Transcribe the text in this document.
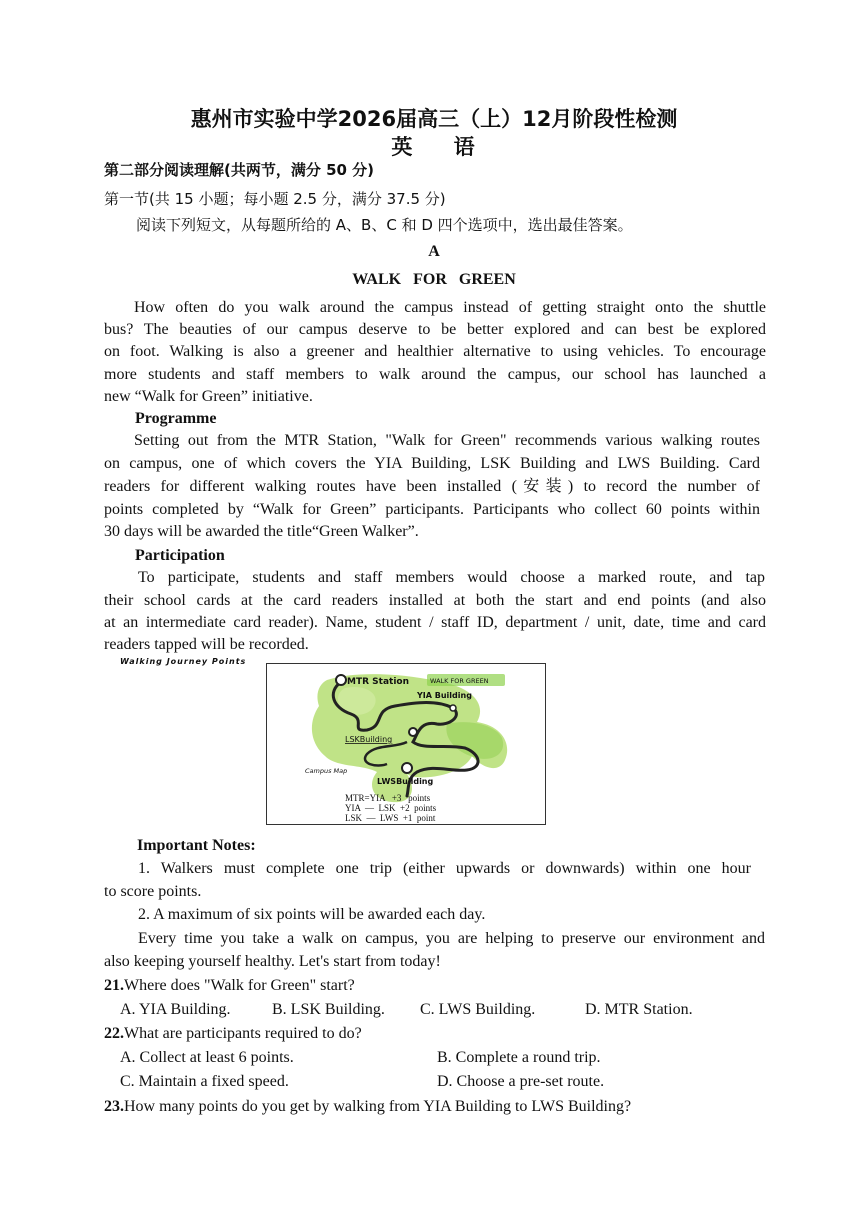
惠州市实验中学2026届高三（上）12月阶段性检测
英 语
第二部分阅读理解(共两节，满分 50 分)
第一节(共 15 小题；每小题 2.5 分，满分 37.5 分)
阅读下列短文，从每题所给的 A、B、C 和 D 四个选项中，选出最佳答案。
A
WALK   FOR   GREEN
How often do you walk around the campus instead of getting straight onto the shuttle
bus? The beauties of our campus deserve to be better explored and can best be explored
on foot. Walking is also a greener and healthier alternative to using vehicles. To encourage
more students and staff members to walk around the campus, our school has launched a
new “Walk for Green” initiative.
Programme
Setting out from the MTR Station, "Walk for Green" recommends various walking routes
on campus, one of which covers the YIA Building, LSK Building and LWS Building. Card
readers for different walking routes have been installed (安装) to record the number of
points completed by “Walk for Green” participants. Participants who collect 60 points within
30 days will be awarded the title“Green Walker”.
Participation
To participate, students and staff members would choose a marked route, and tap
their school cards at the card readers installed at both the start and end points (and also
at an intermediate card reader). Name, student / staff ID, department / unit, date, time and card
readers tapped will be recorded.
Walking Journey Points
WALK FOR GREEN
MTR Station
YIA Building
LSKBuilding
LWSBuilding
Campus Map
MTR=YIA   +3   points
YIA  —  LSK  +2  points
LSK  —  LWS  +1  point
Important Notes:
1. Walkers must complete one trip (either upwards or downwards) within one hour
to score points.
2. A maximum of six points will be awarded each day.
Every time you take a walk on campus, you are helping to preserve our environment and
also keeping yourself healthy. Let's start from today!
21.Where does "Walk for Green" start?
A. YIA Building.	B. LSK Building. C. LWS Building.	D. MTR Station.
22.What are participants required to do?
A. Collect at least 6 points.	B. Complete a round trip.
C. Maintain a fixed speed.	D. Choose a pre-set route.
23.How many points do you get by walking from YIA Building to LWS Building?
